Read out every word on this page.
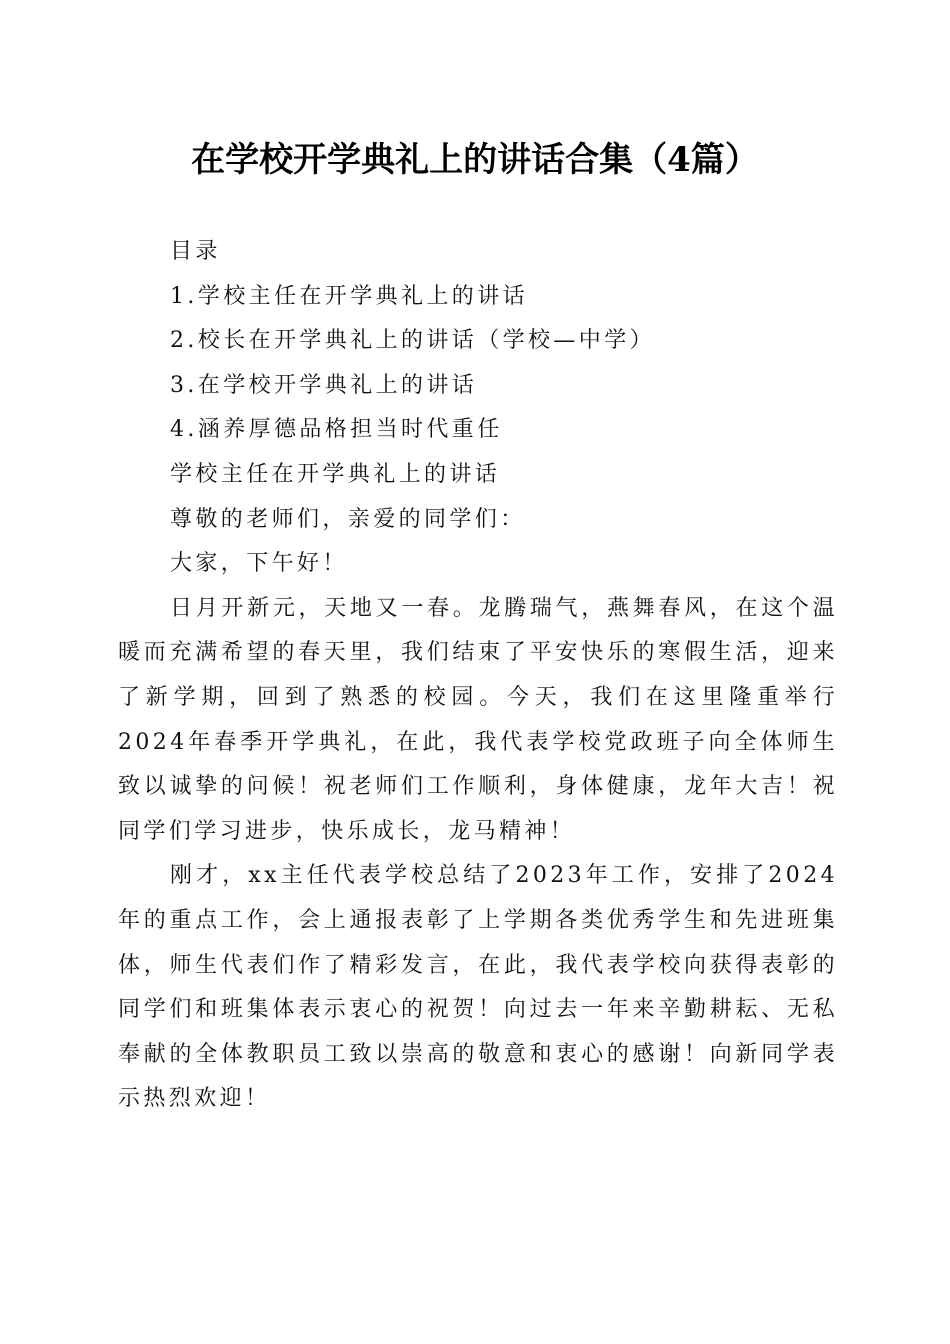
在学校开学典礼上的讲话合集（4篇）
目录
1.学校主任在开学典礼上的讲话
2.校长在开学典礼上的讲话（学校—中学）
3.在学校开学典礼上的讲话
4.涵养厚德品格担当时代重任
学校主任在开学典礼上的讲话
尊敬的老师们，亲爱的同学们：
大家，下午好！

日月开新元，天地又一春。龙腾瑞气，燕舞春风，在这个温暖而充满希望的春天里，我们结束了平安快乐的寒假生活，迎来了新学期，回到了熟悉的校园。今天，我们在这里隆重举行2024年春季开学典礼，在此，我代表学校党政班子向全体师生致以诚挚的问候！祝老师们工作顺利，身体健康，龙年大吉！祝同学们学习进步，快乐成长，龙马精神！

刚才，xx主任代表学校总结了2023年工作，安排了2024年的重点工作，会上通报表彰了上学期各类优秀学生和先进班集体，师生代表们作了精彩发言，在此，我代表学校向获得表彰的同学们和班集体表示衷心的祝贺！向过去一年来辛勤耕耘、无私奉献的全体教职员工致以崇高的敬意和衷心的感谢！向新同学表示热烈欢迎！
